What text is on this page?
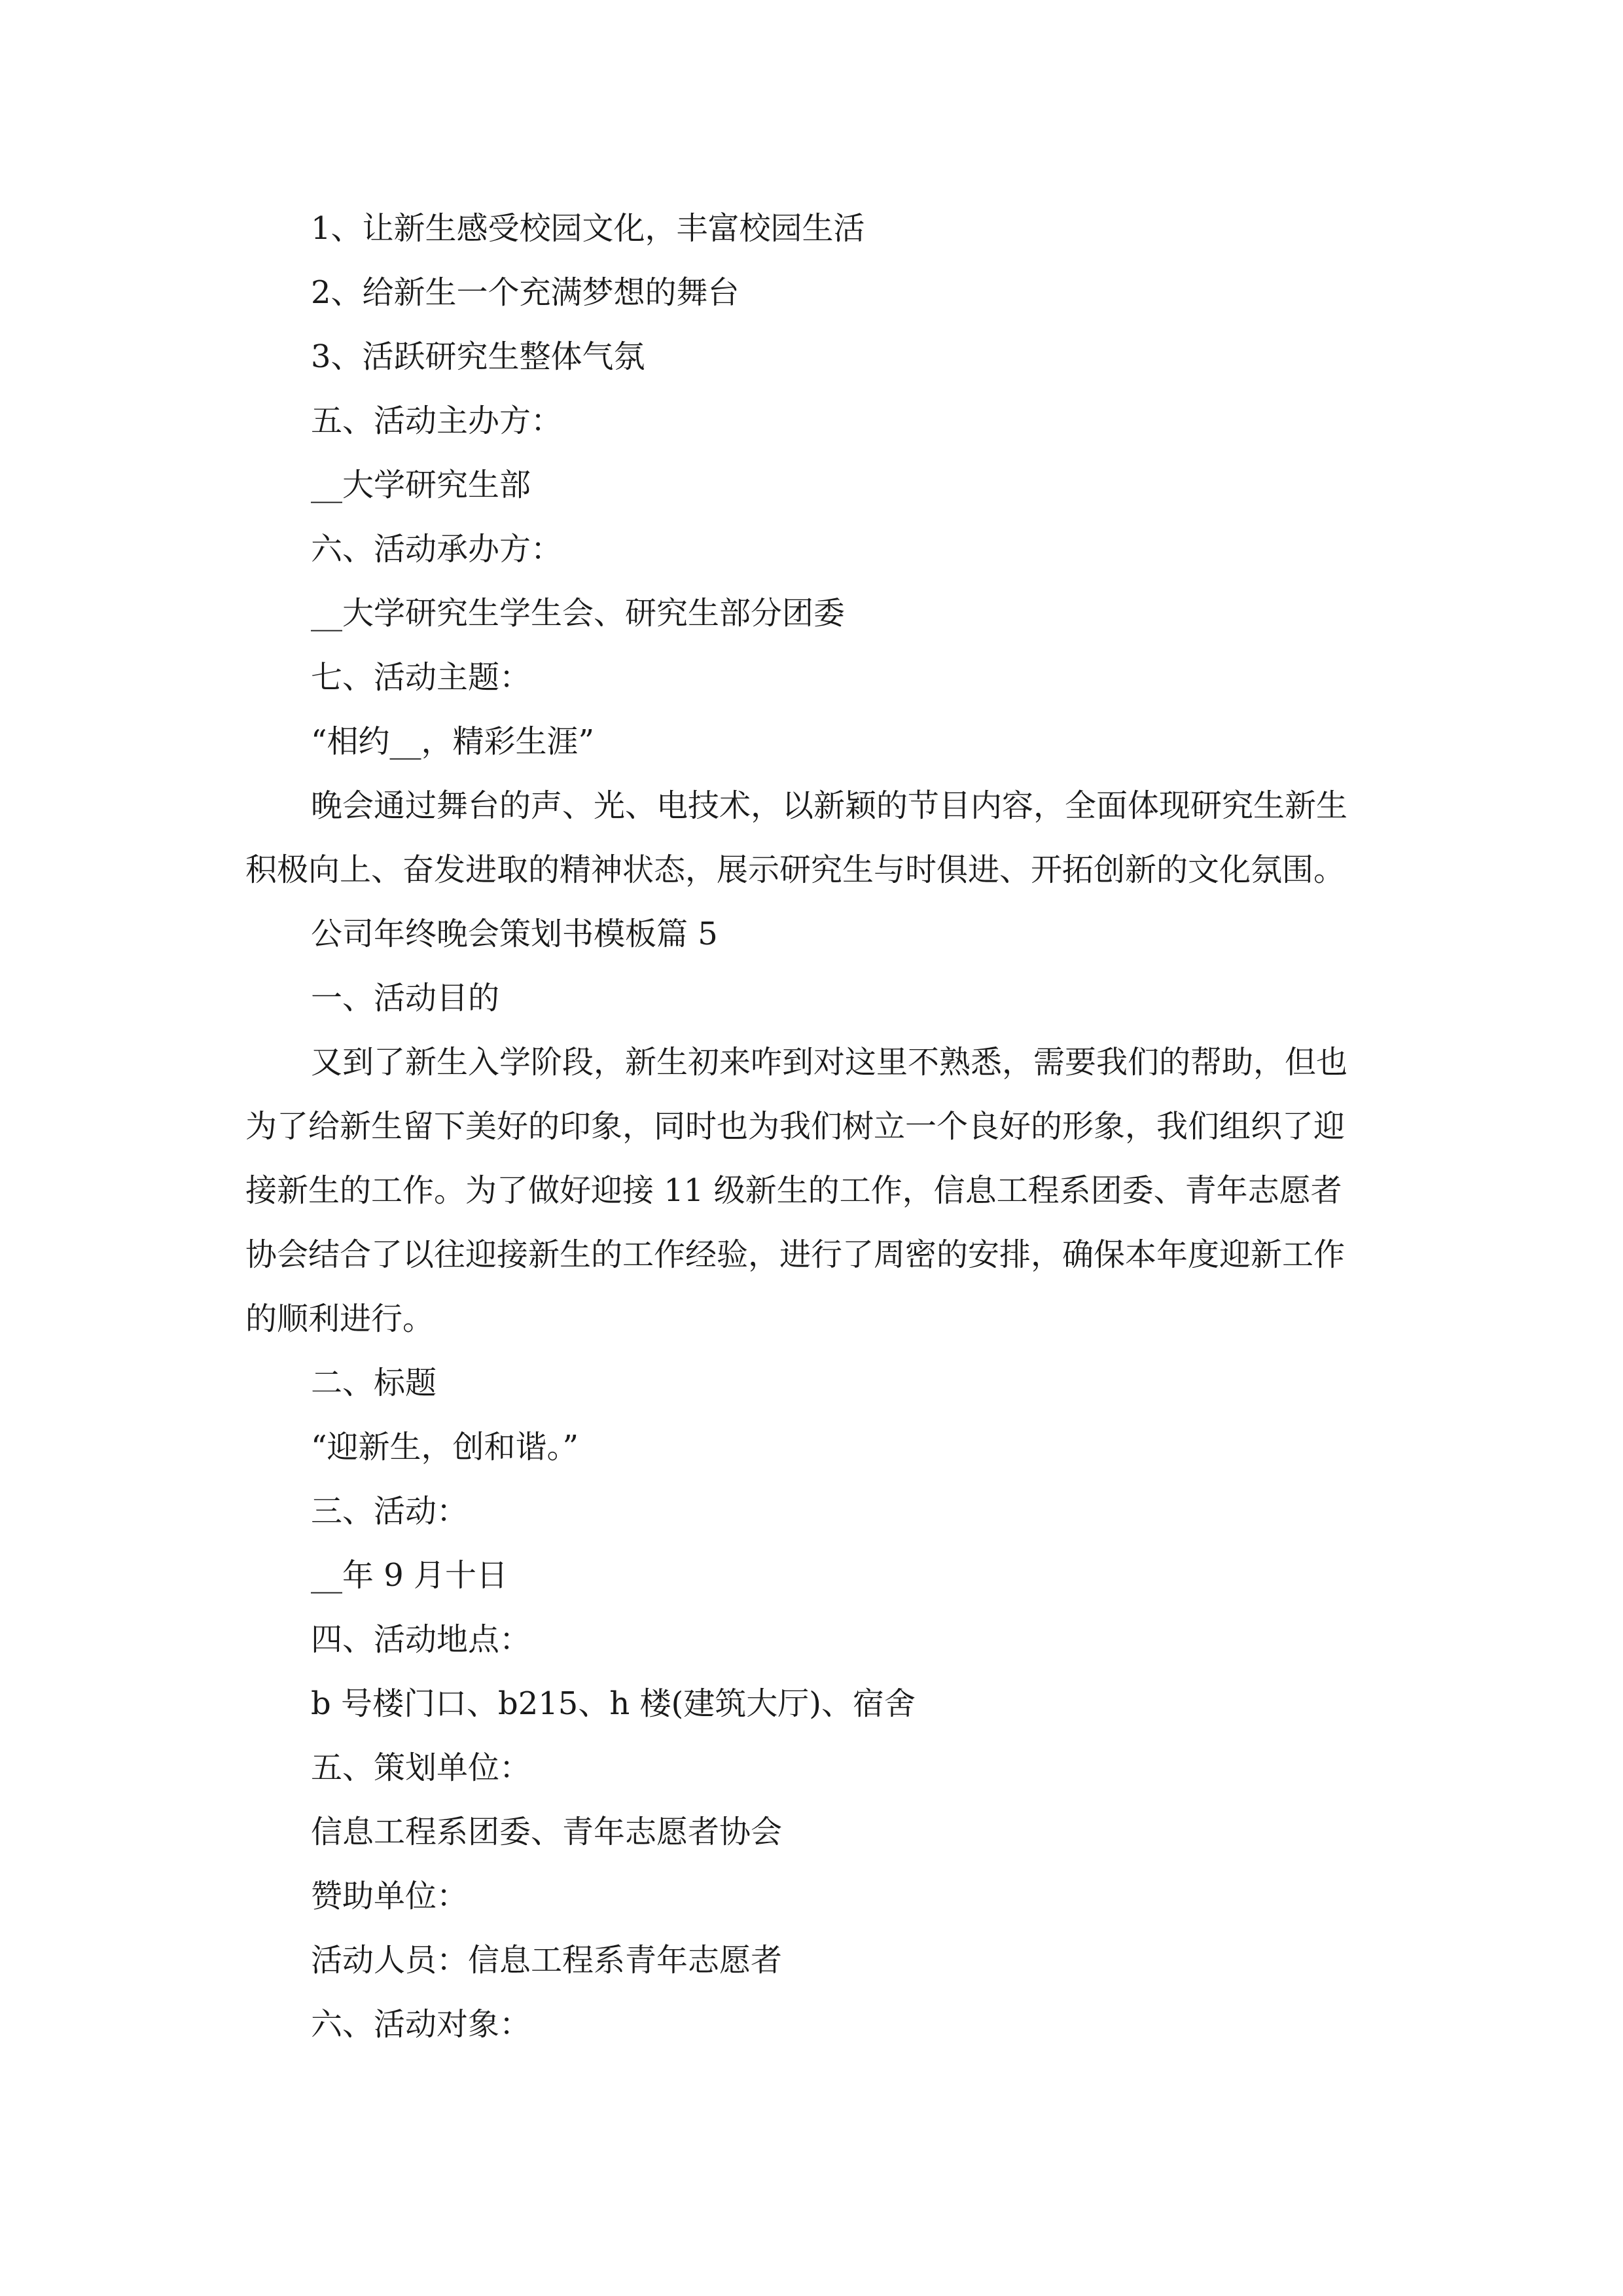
1、让新生感受校园文化，丰富校园生活

2、给新生一个充满梦想的舞台

3、活跃研究生整体气氛

五、活动主办方：

__大学研究生部

六、活动承办方：

__大学研究生学生会、研究生部分团委

七、活动主题：

“相约__，精彩生涯”

晚会通过舞台的声、光、电技术，以新颖的节目内容，全面体现研究生新生

积极向上、奋发进取的精神状态，展示研究生与时俱进、开拓创新的文化氛围。

公司年终晚会策划书模板篇 5

一、活动目的

又到了新生入学阶段，新生初来咋到对这里不熟悉，需要我们的帮助，但也

为了给新生留下美好的印象，同时也为我们树立一个良好的形象，我们组织了迎

接新生的工作。为了做好迎接 11 级新生的工作，信息工程系团委、青年志愿者

协会结合了以往迎接新生的工作经验，进行了周密的安排，确保本年度迎新工作

的顺利进行。

二、标题

“迎新生，创和谐。”

三、活动：

__年 9 月十日

四、活动地点：

b 号楼门口、b215、h 楼(建筑大厅)、宿舍

五、策划单位：

信息工程系团委、青年志愿者协会

赞助单位：

活动人员：信息工程系青年志愿者

六、活动对象：
